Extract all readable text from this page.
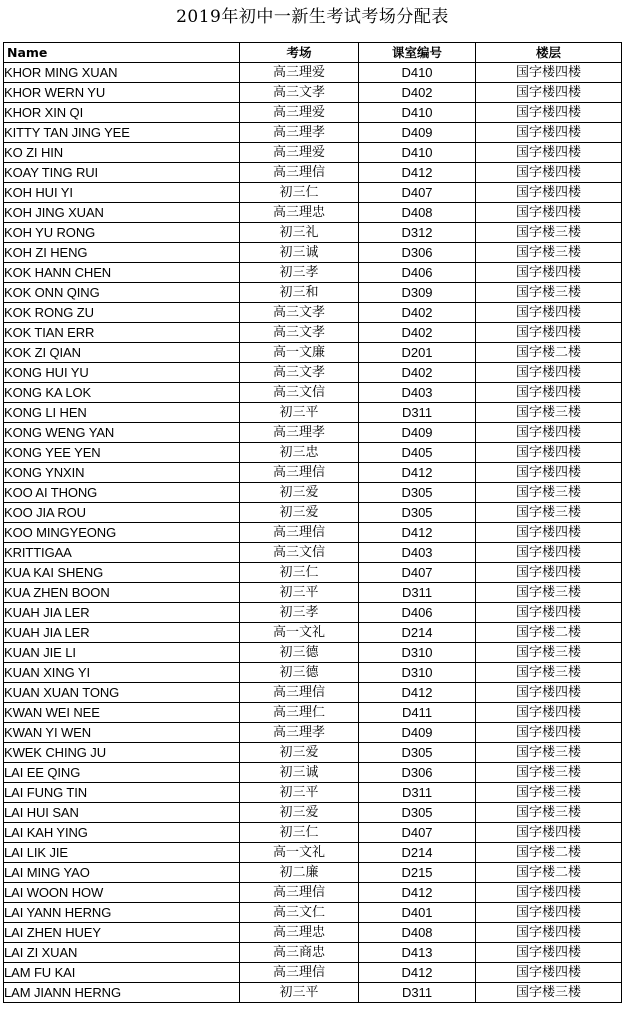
2019年初中一新生考试考场分配表
Name	考场	课室编号	楼层
KHOR MING XUAN	高三理爱	D410	国字楼四楼
KHOR WERN YU	高三文孝	D402	国字楼四楼
KHOR XIN QI	高三理爱	D410	国字楼四楼
KITTY TAN JING YEE	高三理孝	D409	国字楼四楼
KO ZI HIN	高三理爱	D410	国字楼四楼
KOAY TING RUI	高三理信	D412	国字楼四楼
KOH HUI YI	初三仁	D407	国字楼四楼
KOH JING XUAN	高三理忠	D408	国字楼四楼
KOH YU RONG	初三礼	D312	国字楼三楼
KOH ZI HENG	初三诚	D306	国字楼三楼
KOK HANN CHEN	初三孝	D406	国字楼四楼
KOK ONN QING	初三和	D309	国字楼三楼
KOK RONG ZU	高三文孝	D402	国字楼四楼
KOK TIAN ERR	高三文孝	D402	国字楼四楼
KOK ZI QIAN	高一文廉	D201	国字楼二楼
KONG HUI YU	高三文孝	D402	国字楼四楼
KONG KA LOK	高三文信	D403	国字楼四楼
KONG LI HEN	初三平	D311	国字楼三楼
KONG WENG YAN	高三理孝	D409	国字楼四楼
KONG YEE YEN	初三忠	D405	国字楼四楼
KONG YNXIN	高三理信	D412	国字楼四楼
KOO AI THONG	初三爱	D305	国字楼三楼
KOO JIA ROU	初三爱	D305	国字楼三楼
KOO MINGYEONG	高三理信	D412	国字楼四楼
KRITTIGAA	高三文信	D403	国字楼四楼
KUA KAI SHENG	初三仁	D407	国字楼四楼
KUA ZHEN BOON	初三平	D311	国字楼三楼
KUAH JIA LER	初三孝	D406	国字楼四楼
KUAH JIA LER	高一文礼	D214	国字楼二楼
KUAN JIE LI	初三德	D310	国字楼三楼
KUAN XING YI	初三德	D310	国字楼三楼
KUAN XUAN TONG	高三理信	D412	国字楼四楼
KWAN WEI NEE	高三理仁	D411	国字楼四楼
KWAN YI WEN	高三理孝	D409	国字楼四楼
KWEK CHING JU	初三爱	D305	国字楼三楼
LAI EE QING	初三诚	D306	国字楼三楼
LAI FUNG TIN	初三平	D311	国字楼三楼
LAI HUI SAN	初三爱	D305	国字楼三楼
LAI KAH YING	初三仁	D407	国字楼四楼
LAI LIK JIE	高一文礼	D214	国字楼二楼
LAI MING YAO	初二廉	D215	国字楼二楼
LAI WOON HOW	高三理信	D412	国字楼四楼
LAI YANN HERNG	高三文仁	D401	国字楼四楼
LAI ZHEN HUEY	高三理忠	D408	国字楼四楼
LAI ZI XUAN	高三商忠	D413	国字楼四楼
LAM FU KAI	高三理信	D412	国字楼四楼
LAM JIANN HERNG	初三平	D311	国字楼三楼
